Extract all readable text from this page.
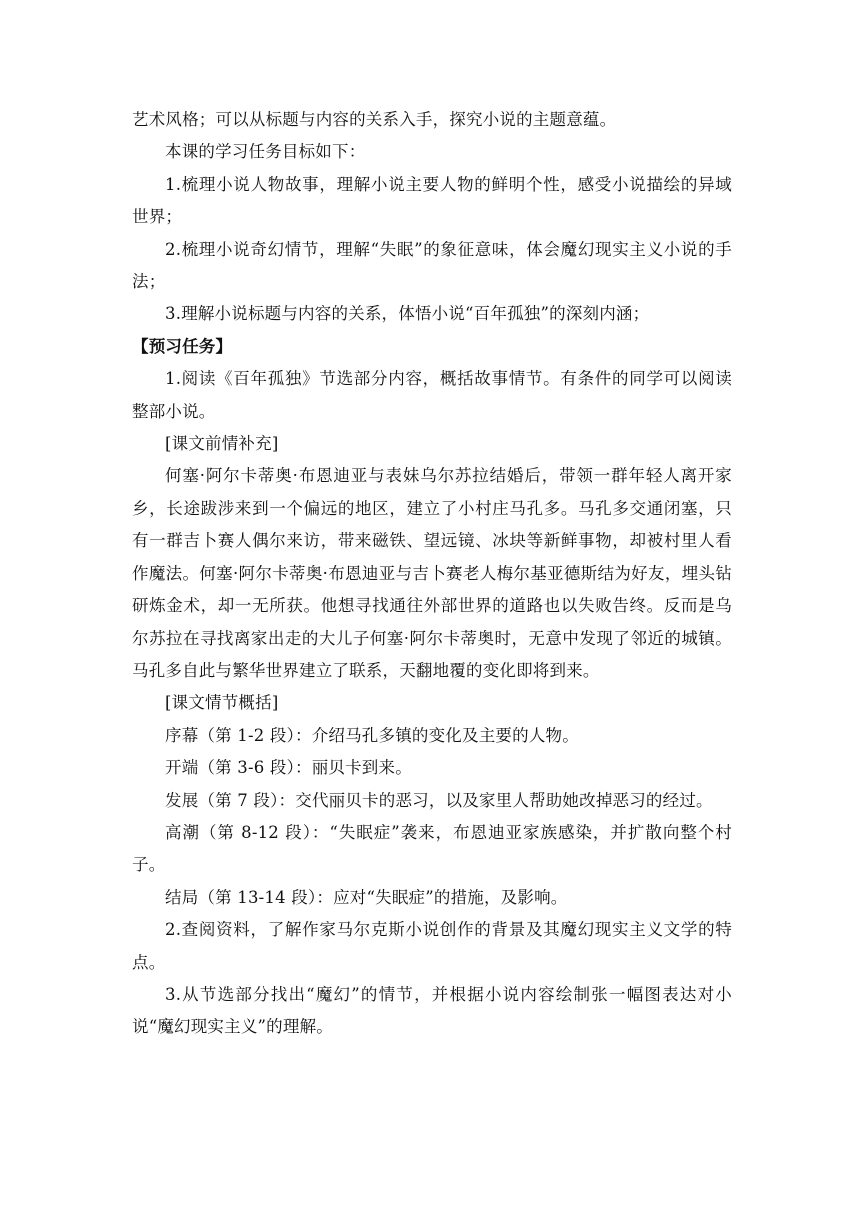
艺术风格；可以从标题与内容的关系入手，探究小说的主题意蕴。

本课的学习任务目标如下：

1.梳理小说人物故事，理解小说主要人物的鲜明个性，感受小说描绘的异域世界；

2.梳理小说奇幻情节，理解“失眠”的象征意味，体会魔幻现实主义小说的手法；

3.理解小说标题与内容的关系，体悟小说“百年孤独”的深刻内涵；

【预习任务】

1.阅读《百年孤独》节选部分内容，概括故事情节。有条件的同学可以阅读整部小说。

[课文前情补充]

何塞·阿尔卡蒂奥·布恩迪亚与表妹乌尔苏拉结婚后，带领一群年轻人离开家乡，长途跋涉来到一个偏远的地区，建立了小村庄马孔多。马孔多交通闭塞，只有一群吉卜赛人偶尔来访，带来磁铁、望远镜、冰块等新鲜事物，却被村里人看作魔法。何塞·阿尔卡蒂奥·布恩迪亚与吉卜赛老人梅尔基亚德斯结为好友，埋头钻研炼金术，却一无所获。他想寻找通往外部世界的道路也以失败告终。反而是乌尔苏拉在寻找离家出走的大儿子何塞·阿尔卡蒂奥时，无意中发现了邻近的城镇。马孔多自此与繁华世界建立了联系，天翻地覆的变化即将到来。

[课文情节概括]

序幕（第 1-2 段）：介绍马孔多镇的变化及主要的人物。

开端（第 3-6 段）：丽贝卡到来。

发展（第 7 段）：交代丽贝卡的恶习，以及家里人帮助她改掉恶习的经过。

高潮（第 8-12 段）：“失眠症”袭来，布恩迪亚家族感染，并扩散向整个村子。

结局（第 13-14 段）：应对“失眠症”的措施，及影响。

2.查阅资料，了解作家马尔克斯小说创作的背景及其魔幻现实主义文学的特点。

3.从节选部分找出“魔幻”的情节，并根据小说内容绘制张一幅图表达对小说“魔幻现实主义”的理解。
